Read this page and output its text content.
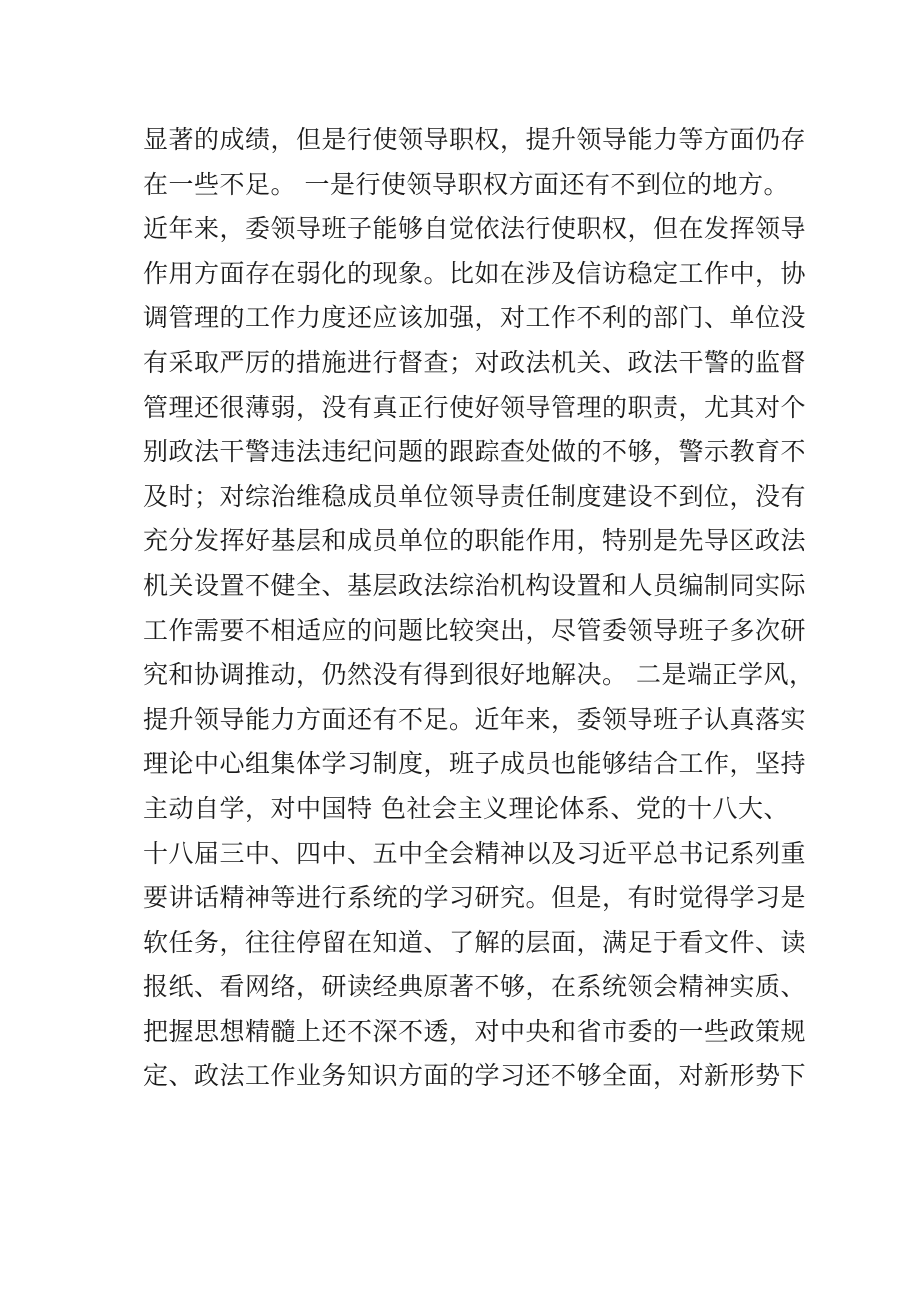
显著的成绩，但是行使领导职权，提升领导能力等方面仍存
在一些不足。 一是行使领导职权方面还有不到位的地方。
近年来，委领导班子能够自觉依法行使职权，但在发挥领导
作用方面存在弱化的现象。比如在涉及信访稳定工作中，协
调管理的工作力度还应该加强，对工作不利的部门、单位没
有采取严厉的措施进行督查；对政法机关、政法干警的监督
管理还很薄弱，没有真正行使好领导管理的职责，尤其对个
别政法干警违法违纪问题的跟踪查处做的不够，警示教育不
及时；对综治维稳成员单位领导责任制度建设不到位，没有
充分发挥好基层和成员单位的职能作用，特别是先导区政法
机关设置不健全、基层政法综治机构设置和人员编制同实际
工作需要不相适应的问题比较突出，尽管委领导班子多次研
究和协调推动，仍然没有得到很好地解决。 二是端正学风，
提升领导能力方面还有不足。近年来，委领导班子认真落实
理论中心组集体学习制度，班子成员也能够结合工作，坚持
主动自学，对中国特 色社会主义理论体系、党的十八大、
十八届三中、四中、五中全会精神以及习近平总书记系列重
要讲话精神等进行系统的学习研究。但是，有时觉得学习是
软任务，往往停留在知道、了解的层面，满足于看文件、读
报纸、看网络，研读经典原著不够，在系统领会精神实质、
把握思想精髓上还不深不透，对中央和省市委的一些政策规
定、政法工作业务知识方面的学习还不够全面，对新形势下
